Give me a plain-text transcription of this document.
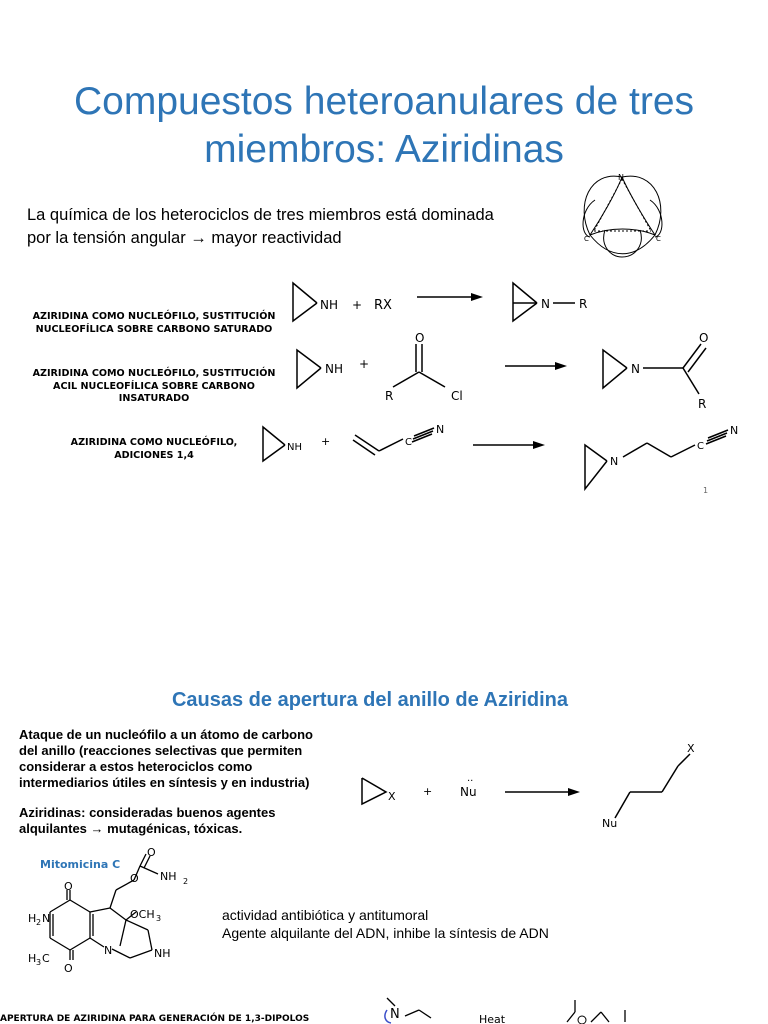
Compuestos heteroanulares de tres
miembros: Aziridinas
La química de los heterociclos de tres miembros está dominada
por la tensión angular → mayor reactividad
N
C	C
AZIRIDINA COMO NUCLEÓFILO, SUSTITUCIÓN
NUCLEOFÍLICA SOBRE CARBONO SATURADO
NH + RX	N R
AZIRIDINA COMO NUCLEÓFILO, SUSTITUCIÓN
ACIL NUCLEOFÍLICA SOBRE CARBONO
INSATURADO
NH +
O
R	Cl
N
O
R
AZIRIDINA COMO NUCLEÓFILO,
ADICIONES 1,4
NH +	C
N
N
C
N
1
Causas de apertura del anillo de Aziridina
Ataque de un nucleófilo a un átomo de carbono
del anillo (reacciones selectivas que permiten
considerar a estos heterociclos como
intermediarios útiles en síntesis y en industria)
Aziridinas: consideradas buenos agentes
alquilantes → mutagénicas, tóxicas.
X + Nu
··
X
Nu
Mitomicina C
O
O NH 2
O
O
H 2 N
H 3 C
OCH 3
N	NH
actividad antibiótica y antitumoral
Agente alquilante del ADN, inhibe la síntesis de ADN
APERTURA DE AZIRIDINA PARA GENERACIÓN DE 1,3-DIPOLOS	N	Heat
